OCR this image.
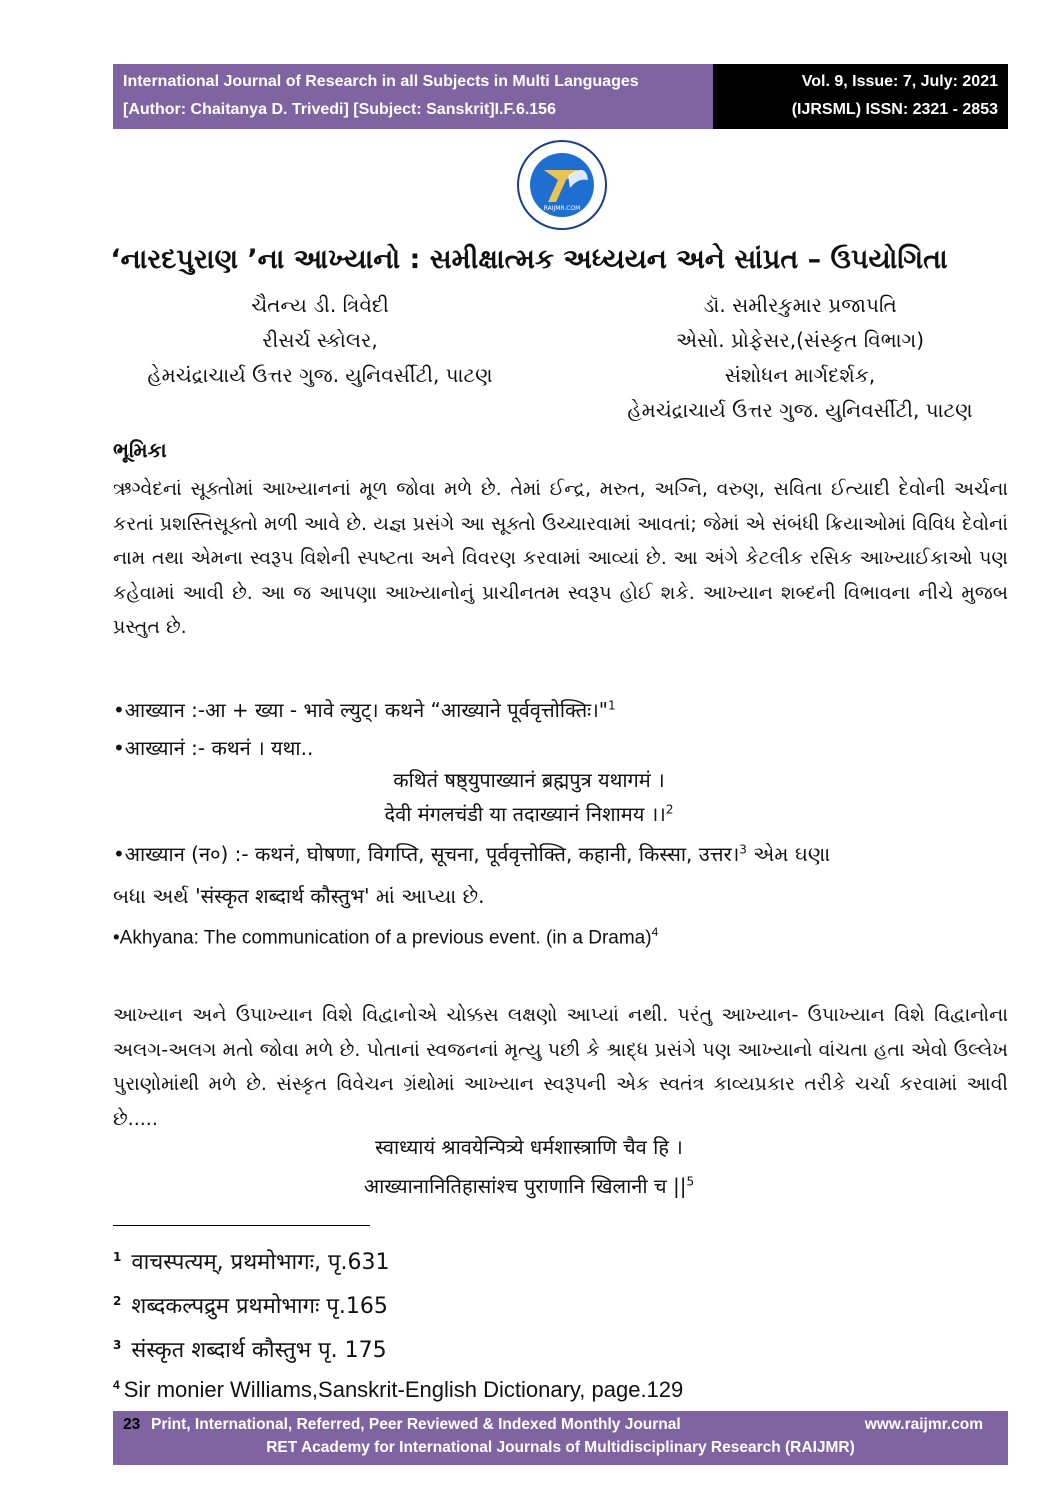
International Journal of Research in all Subjects in Multi Languages
[Author: Chaitanya D. Trivedi] [Subject: Sanskrit]I.F.6.156
Vol. 9, Issue: 7, July: 2021
(IJRSML) ISSN: 2321 - 2853
RAIJMR.COM
‘નારદપુરાણ ’ના આખ્યાનો : સમીક્ષાત્મક અધ્યયન અને સાંપ્રત – ઉપયોગિતા
ચૈતન્ય ડી. ત્રિવેદી
રીસર્ચ સ્કોલર,
હેમચંદ્રાચાર્ય ઉત્તર ગુજ. યુનિવર્સીટી, પાટણ
ડૉ. સમીરકુમાર પ્રજાપતિ
એસો. પ્રોફેસર,(સંસ્કૃત વિભાગ)
સંશોધન માર્ગદર્શક,
હેમચંદ્રાચાર્ય ઉત્તર ગુજ. યુનિવર્સીટી, પાટણ
ભૂમિકા
ઋગ્વેદનાં સૂક્તોમાં આખ્યાનનાં મૂળ જોવા મળે છે. તેમાં ઈન્દ્ર, મરુત, અગ્નિ, વરુણ, સવિતા ઈત્યાદી દેવોની અર્ચના કરતાં પ્રશસ્તિસૂક્તો મળી આવે છે. યજ્ઞ પ્રસંગે આ સૂક્તો ઉચ્ચારવામાં આવતાં; જેમાં એ સંબંધી ક્રિયાઓમાં વિવિધ દેવોનાં નામ તથા એમના સ્વરૂપ વિશેની સ્પષ્ટતા અને વિવરણ કરવામાં આવ્યાં છે. આ અંગે કેટલીક રસિક આખ્યાઈકાઓ પણ કહેવામાં આવી છે. આ જ આપણા આખ્યાનોનું પ્રાચીનતમ સ્વરૂપ હોઈ શકે. આખ્યાન શબ્દની વિભાવના નીચે મુજબ પ્રસ્તુત છે.
•आख्यान :-आ + ख्या - भावे ल्युट्। कथने “आख्याने पूर्ववृत्तोक्तिः।"$^1$
•आख्यानं :- कथनं । यथा..
कथितं षष्ठ्युपाख्यानं ब्रह्मपुत्र यथागमं ।
देवी मंगलचंडी या तदाख्यानं निशामय ।।$^2$
•आख्यान (न०) :- कथनं, घोषणा, विगप्ति, सूचना, पूर्ववृत्तोक्ति, कहानी, किस्सा, उत्तर।$^3$ એમ ઘણા
બધા અર્થ 'संस्कृत शब्दार्थ कौस्तुभ' માં આપ્યા છે.
•Akhyana: The communication of a previous event. (in a Drama)$^4$
આખ્યાન અને ઉપાખ્યાન વિશે વિદ્વાનોએ ચોક્કસ લક્ષણો આપ્યાં નથી. પરંતુ આખ્યાન- ઉપાખ્યાન વિશે વિદ્વાનોના અલગ-અલગ મતો જોવા મળે છે. પોતાનાં સ્વજનનાં મૃત્યુ પછી કે શ્રાદ્ધ પ્રસંગે પણ આખ્યાનો વાંચતા હતા એવો ઉલ્લેખ પુરાણોમાંથી મળે છે. સંસ્કૃત વિવેચન ગ્રંથોમાં આખ્યાન સ્વરૂપની એક સ્વતંત્ર કાવ્યપ્રકાર તરીકે ચર્ચા કરવામાં આવી છે.....
स्वाध्यायं श्रावयेन्पित्र्ये धर्मशास्त्राणि चैव हि ।
आख्यानानितिहासांश्च पुराणानि खिलानी च $||^5$
$^1$ वाचस्पत्यम्, प्रथमोभागः, पृ.631
$^2$ शब्दकल्पद्रुम प्रथमोभागः पृ.165
$^3$ संस्कृत शब्दार्थ कौस्तुभ पृ. 175
$^4$ Sir monier Williams,Sanskrit-English Dictionary, page.129
23 Print, International, Referred, Peer Reviewed & Indexed Monthly Journal	www.raijmr.com
RET Academy for International Journals of Multidisciplinary Research (RAIJMR)
